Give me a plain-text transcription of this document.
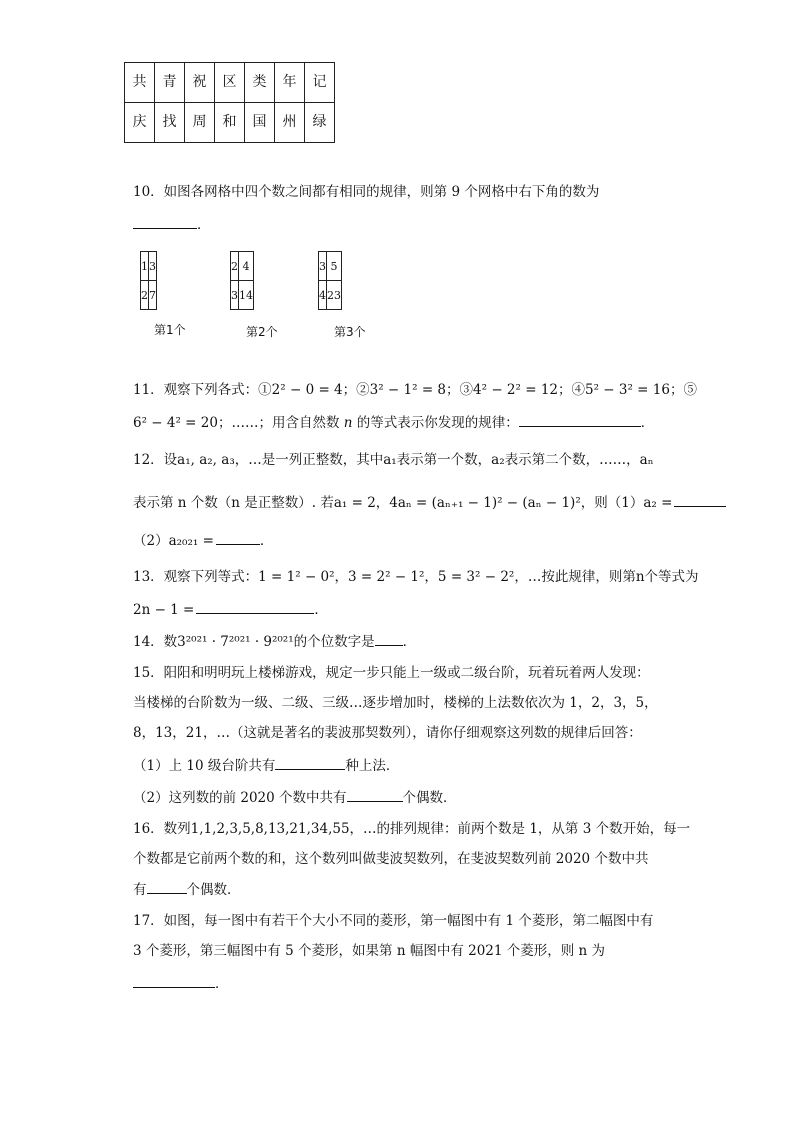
共	青	祝	区	类	年	记
庆	找	周	和	国	州	绿
10．如图各网格中四个数之间都有相同的规律，则第 9 个网格中右下角的数为
．
1	3
2	7
第1个
2	4
3	14
第2个
3	5
4	23
第3个
11．观察下列各式：①2² − 0 = 4；②3² − 1² = 8；③4² − 2² = 12；④5² − 3² = 16；⑤
6² − 4² = 20；……；用含自然数 n 的等式表示你发现的规律：	．
12．设a₁, a₂, a₃，…是一列正整数，其中a₁表示第一个数，a₂表示第二个数，……，aₙ
表示第 n 个数（n 是正整数）. 若a₁ = 2，4aₙ = (aₙ₊₁ − 1)² − (aₙ − 1)²，则（1）a₂ =
（2）a₂₀₂₁ =	．
13．观察下列等式：1 = 1² − 0²，3 = 2² − 1²，5 = 3² − 2²，…按此规律，则第n个等式为
2n − 1 =	．
14．数3²⁰²¹ · 7²⁰²¹ · 9²⁰²¹的个位数字是 ．
15．阳阳和明明玩上楼梯游戏，规定一步只能上一级或二级台阶，玩着玩着两人发现：
当楼梯的台阶数为一级、二级、三级…逐步增加时，楼梯的上法数依次为 1，2，3，5，
8，13，21，…（这就是著名的裴波那契数列），请你仔细观察这列数的规律后回答：
（1）上 10 级台阶共有	种上法．
（2）这列数的前 2020 个数中共有	个偶数．
16．数列1,1,2,3,5,8,13,21,34,55，…的排列规律：前两个数是 1，从第 3 个数开始，每一
个数都是它前两个数的和，这个数列叫做斐波契数列，在斐波契数列前 2020 个数中共
有	个偶数．
17．如图，每一图中有若干个大小不同的菱形，第一幅图中有 1 个菱形，第二幅图中有
3 个菱形，第三幅图中有 5 个菱形，如果第 n 幅图中有 2021 个菱形，则 n 为
．
